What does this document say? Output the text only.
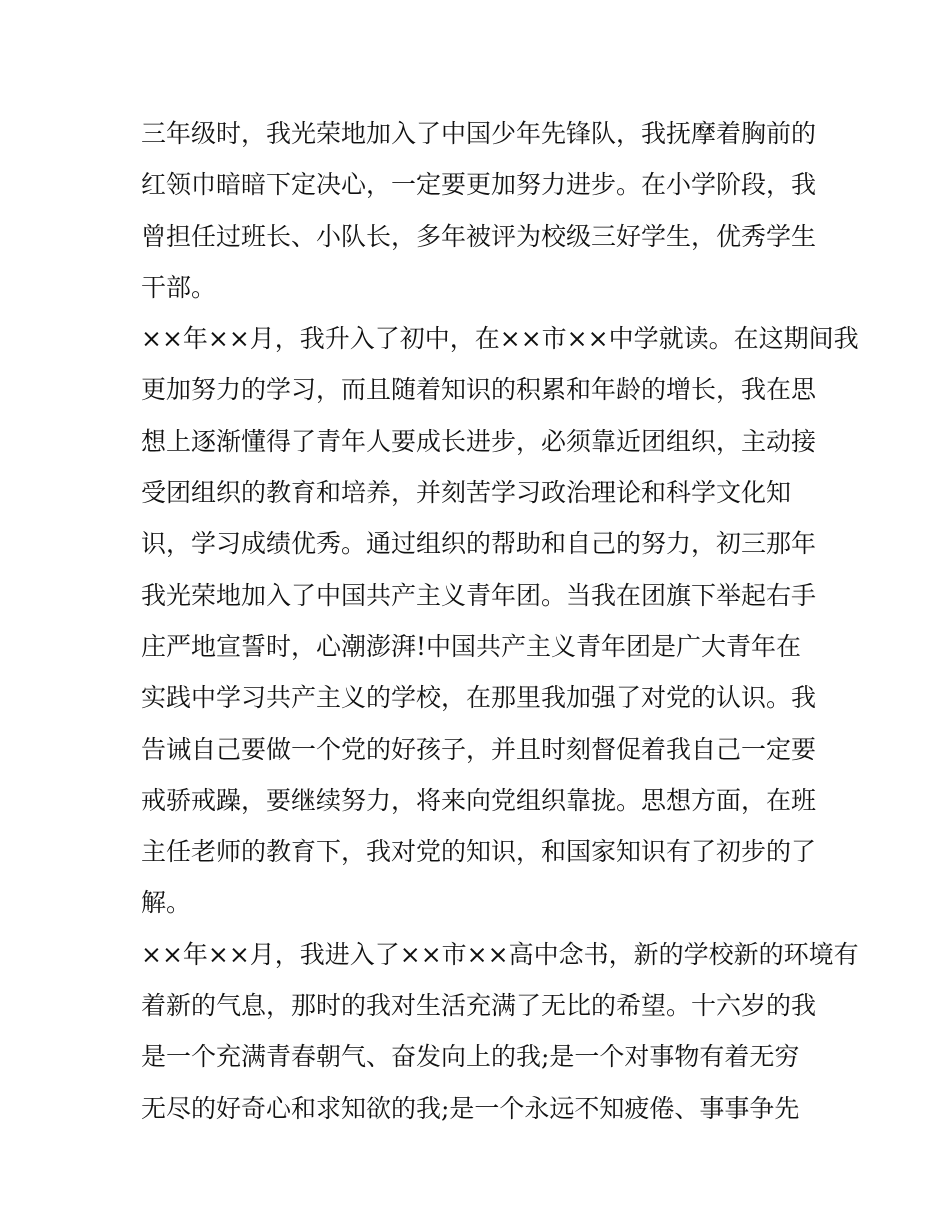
三年级时，我光荣地加入了中国少年先锋队，我抚摩着胸前的
红领巾暗暗下定决心，一定要更加努力进步。在小学阶段，我
曾担任过班长、小队长，多年被评为校级三好学生，优秀学生
干部。
××年××月，我升入了初中，在××市××中学就读。在这期间我
更加努力的学习，而且随着知识的积累和年龄的增长，我在思
想上逐渐懂得了青年人要成长进步，必须靠近团组织，主动接
受团组织的教育和培养，并刻苦学习政治理论和科学文化知
识，学习成绩优秀。通过组织的帮助和自己的努力，初三那年
我光荣地加入了中国共产主义青年团。当我在团旗下举起右手
庄严地宣誓时，心潮澎湃!中国共产主义青年团是广大青年在
实践中学习共产主义的学校，在那里我加强了对党的认识。我
告诫自己要做一个党的好孩子，并且时刻督促着我自己一定要
戒骄戒躁，要继续努力，将来向党组织靠拢。思想方面，在班
主任老师的教育下，我对党的知识，和国家知识有了初步的了
解。
××年××月，我进入了××市××高中念书，新的学校新的环境有
着新的气息，那时的我对生活充满了无比的希望。十六岁的我
是一个充满青春朝气、奋发向上的我;是一个对事物有着无穷
无尽的好奇心和求知欲的我;是一个永远不知疲倦、事事争先
